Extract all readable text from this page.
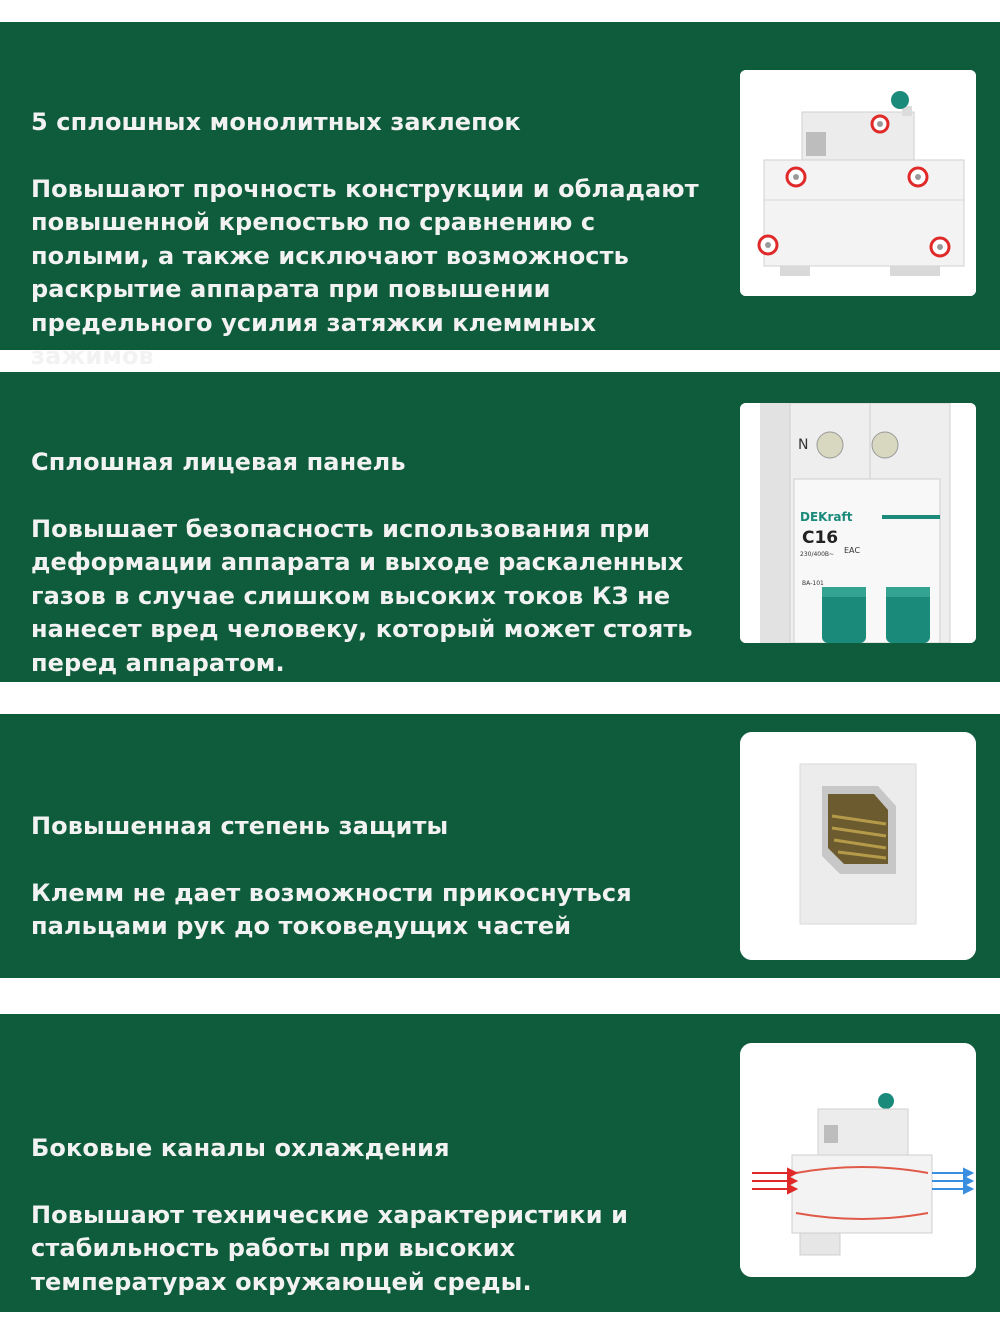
5 сплошных монолитных заклепок

Повышают прочность конструкции и обладают
повышенной крепостью по сравнению с
полыми, а также исключают возможность
раскрытие аппарата при повышении
предельного усилия затяжки клеммных
зажимов

Сплошная лицевая панель

Повышает безопасность использования при
деформации аппарата и выходе раскаленных
газов в случае слишком высоких токов КЗ не
нанесет вред человеку, который может стоять
перед аппаратом.

N
DEKraft
C16
230/400В~ ЕАС
ВА-101

Повышенная степень защиты

Клемм не дает возможности прикоснуться
пальцами рук до токоведущих частей

Боковые каналы охлаждения

Повышают технические характеристики и
стабильность работы при высоких
температурах окружающей среды.
